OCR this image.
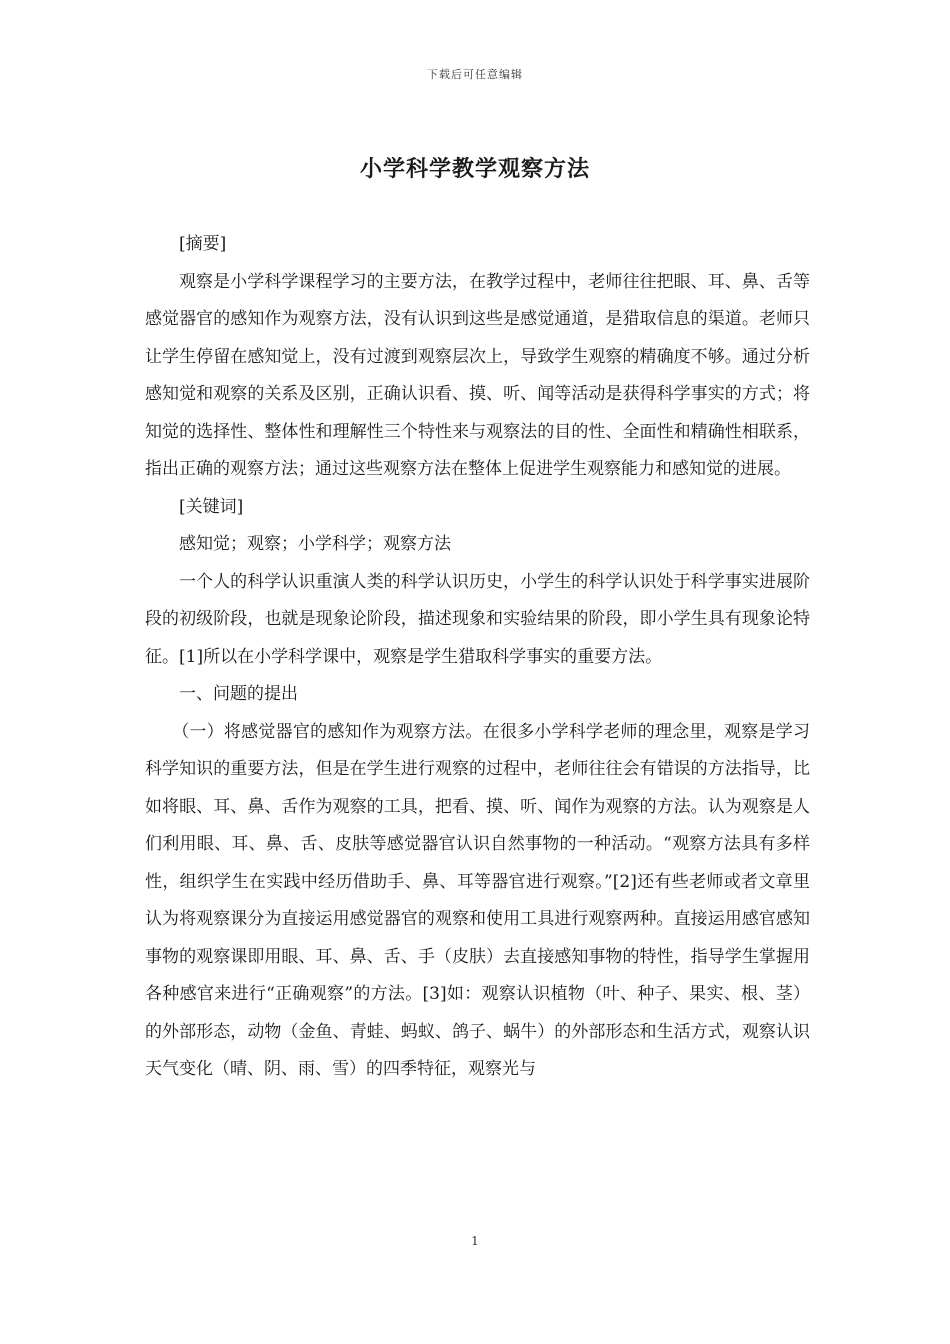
下载后可任意编辑
小学科学教学观察方法

[摘要]

观察是小学科学课程学习的主要方法，在教学过程中，老师往往把眼、耳、鼻、舌等感觉器官的感知作为观察方法，没有认识到这些是感觉通道，是猎取信息的渠道。老师只让学生停留在感知觉上，没有过渡到观察层次上，导致学生观察的精确度不够。通过分析感知觉和观察的关系及区别，正确认识看、摸、听、闻等活动是获得科学事实的方式；将知觉的选择性、整体性和理解性三个特性来与观察法的目的性、全面性和精确性相联系，指出正确的观察方法；通过这些观察方法在整体上促进学生观察能力和感知觉的进展。

[关键词]

感知觉；观察；小学科学；观察方法

一个人的科学认识重演人类的科学认识历史，小学生的科学认识处于科学事实进展阶段的初级阶段，也就是现象论阶段，描述现象和实验结果的阶段，即小学生具有现象论特征。[1]所以在小学科学课中，观察是学生猎取科学事实的重要方法。

一、问题的提出

（一）将感觉器官的感知作为观察方法。在很多小学科学老师的理念里，观察是学习科学知识的重要方法，但是在学生进行观察的过程中，老师往往会有错误的方法指导，比如将眼、耳、鼻、舌作为观察的工具，把看、摸、听、闻作为观察的方法。认为观察是人们利用眼、耳、鼻、舌、皮肤等感觉器官认识自然事物的一种活动。“观察方法具有多样性，组织学生在实践中经历借助手、鼻、耳等器官进行观察。”[2]还有些老师或者文章里认为将观察课分为直接运用感觉器官的观察和使用工具进行观察两种。直接运用感官感知事物的观察课即用眼、耳、鼻、舌、手（皮肤）去直接感知事物的特性，指导学生掌握用各种感官来进行“正确观察”的方法。[3]如：观察认识植物（叶、种子、果实、根、茎）的外部形态，动物（金鱼、青蛙、蚂蚁、鸽子、蜗牛）的外部形态和生活方式，观察认识天气变化（晴、阴、雨、雪）的四季特征，观察光与

1
